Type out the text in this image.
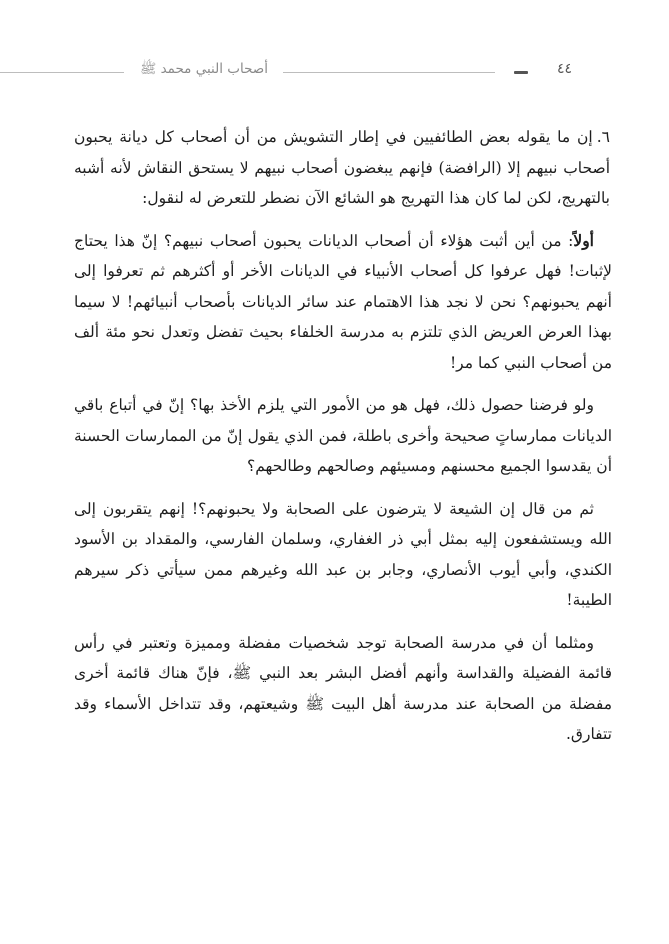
أصحاب النبي محمد ﷺ	٤٤

٦.إن ما يقوله بعض الطائفيين في إطار التشويش من أن أصحاب كل ديانة يحبون أصحاب نبيهم إلا (الرافضة) فإنهم يبغضون أصحاب نبيهم لا يستحق النقاش لأنه أشبه بالتهريج، لكن لما كان هذا التهريج هو الشائع الآن نضطر للتعرض له لنقول:

أولاً: من أين أثبت هؤلاء أن أصحاب الديانات يحبون أصحاب نبيهم؟ إنّ هذا يحتاج لإثبات! فهل عرفوا كل أصحاب الأنبياء في الديانات الأخر أو أكثرهم ثم تعرفوا إلى أنهم يحبونهم؟ نحن لا نجد هذا الاهتمام عند سائر الديانات بأصحاب أنبيائهم! لا سيما بهذا العرض العريض الذي تلتزم به مدرسة الخلفاء بحيث تفضل وتعدل نحو مئة ألف من أصحاب النبي كما مر!

ولو فرضنا حصول ذلك، فهل هو من الأمور التي يلزم الأخذ بها؟ إنّ في أتباع باقي الديانات ممارساتٍ صحيحة وأخرى باطلة، فمن الذي يقول إنّ من الممارسات الحسنة أن يقدسوا الجميع محسنهم ومسيئهم وصالحهم وطالحهم؟

ثم من قال إن الشيعة لا يترضون على الصحابة ولا يحبونهم؟! إنهم يتقربون إلى الله ويستشفعون إليه بمثل أبي ذر الغفاري، وسلمان الفارسي، والمقداد بن الأسود الكندي، وأبي أيوب الأنصاري، وجابر بن عبد الله وغيرهم ممن سيأتي ذكر سيرهم الطيبة!

ومثلما أن في مدرسة الصحابة توجد شخصيات مفضلة ومميزة وتعتبر في رأس قائمة الفضيلة والقداسة وأنهم أفضل البشر بعد النبي ﷺ، فإنّ هناك قائمة أخرى مفضلة من الصحابة عند مدرسة أهل البيت ﷺ وشيعتهم، وقد تتداخل الأسماء وقد تتفارق.
